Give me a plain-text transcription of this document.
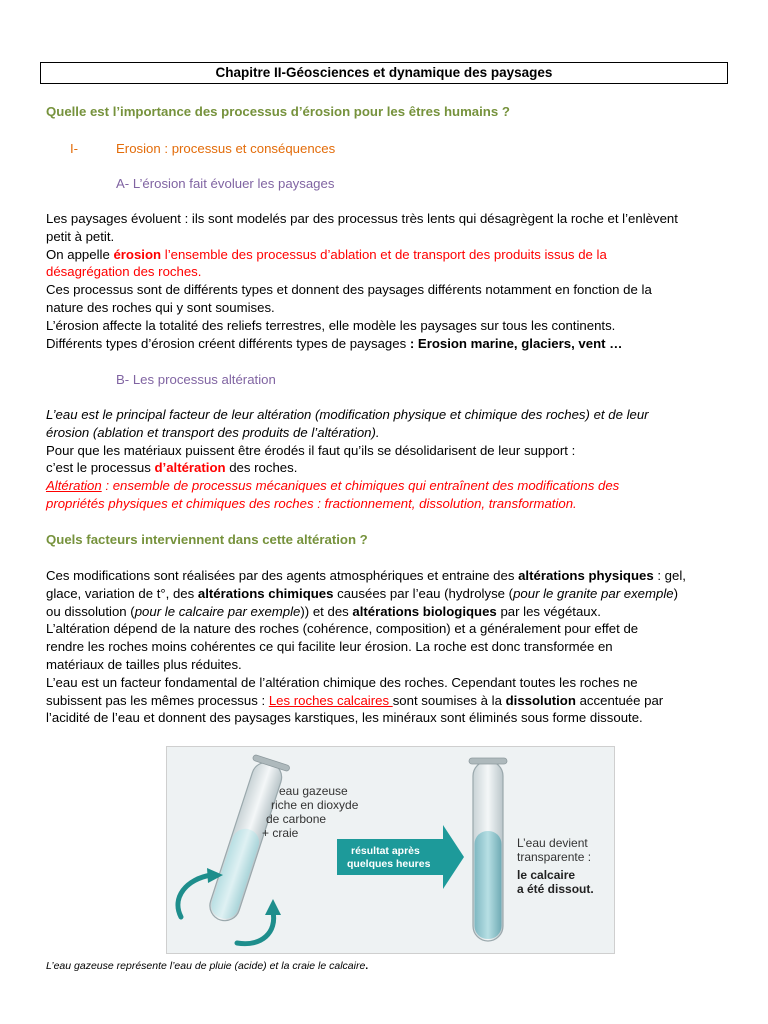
Chapitre II-Géosciences et dynamique des paysages
Quelle est l’importance des processus d’érosion pour les êtres humains ?
I-	Erosion : processus et conséquences
A- L’érosion fait évoluer les paysages

Les paysages évoluent : ils sont modelés par des processus très lents qui désagrègent la roche et l’enlèvent

petit à petit.

On appelle érosion l’ensemble des processus d’ablation et de transport des produits issus de la

désagrégation des roches.

Ces processus sont de différents types et donnent des paysages différents notamment en fonction de la

nature des roches qui y sont soumises.

L’érosion affecte la totalité des reliefs terrestres, elle modèle les paysages sur tous les continents.

Différents types d’érosion créent différents types de paysages : Erosion marine, glaciers, vent …

B- Les processus altération

L’eau est le principal facteur de leur altération (modification physique et chimique des roches) et de leur

érosion (ablation et transport des produits de l’altération).

Pour que les matériaux puissent être érodés il faut qu’ils se désolidarisent de leur support :

c’est le processus d’altération des roches.

Altération : ensemble de processus mécaniques et chimiques qui entraînent des modifications des

propriétés physiques et chimiques des roches : fractionnement, dissolution, transformation.

Quels facteurs interviennent dans cette altération ?

Ces modifications sont réalisées par des agents atmosphériques et entraine des altérations physiques : gel,

glace, variation de t°, des altérations chimiques causées par l’eau (hydrolyse (pour le granite par exemple)

ou dissolution (pour le calcaire par exemple)) et des altérations biologiques par les végétaux.

L’altération dépend de la nature des roches (cohérence, composition) et a généralement pour effet de

rendre les roches moins cohérentes ce qui facilite leur érosion. La roche est donc transformée en

matériaux de tailles plus réduites.

L’eau est un facteur fondamental de l’altération chimique des roches. Cependant toutes les roches ne

subissent pas les mêmes processus : Les roches calcaires sont soumises à la dissolution accentuée par

l’acidité de l’eau et donnent des paysages karstiques, les minéraux sont éliminés sous forme dissoute.

eau gazeuse
riche en dioxyde
de carbone
+ craie
résultat après
quelques heures
L’eau devient
transparente :
le calcaire
a été dissout.
L’eau gazeuse représente l’eau de pluie (acide) et la craie le calcaire.
